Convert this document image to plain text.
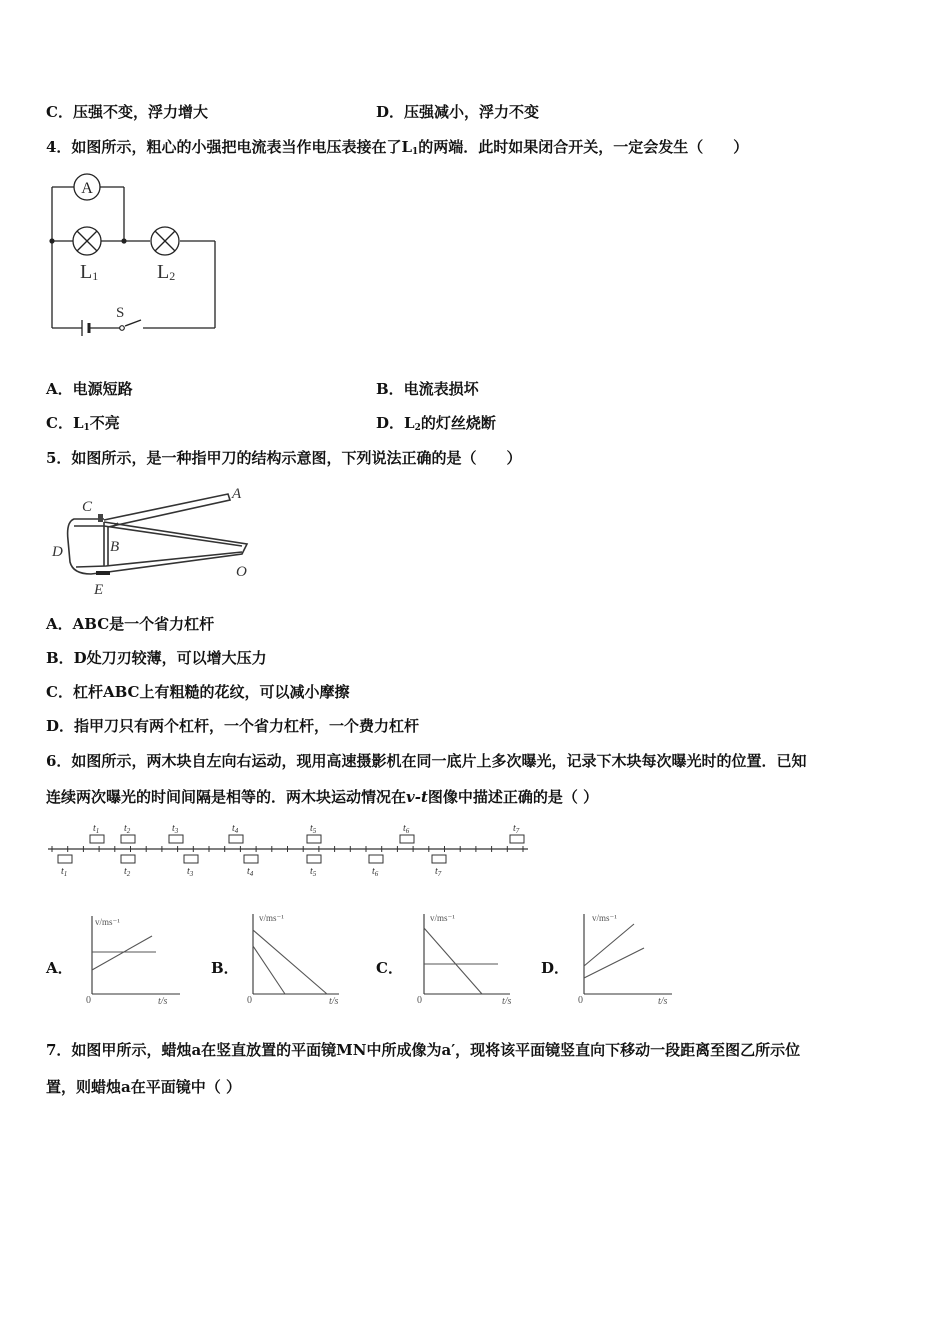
C．压强不变，浮力增大	D．压强减小，浮力不变
4．如图所示，粗心的小强把电流表当作电压表接在了$L_1$的两端．此时如果闭合开关，一定会发生（　　）
A
L1	L2
S
A．电源短路	B．电流表损坏
C．$L_1$不亮	D．$L_2$的灯丝烧断
5．如图所示，是一种指甲刀的结构示意图，下列说法正确的是（　　）
A
B
C
D
E
O
A．ABC是一个省力杠杆
B．D处刀刃较薄，可以增大压力
C．杠杆ABC上有粗糙的花纹，可以减小摩擦
D．指甲刀只有两个杠杆，一个省力杠杆，一个费力杠杆
6．如图所示，两木块自左向右运动，现用高速摄影机在同一底片上多次曝光，记录下木块每次曝光时的位置．已知
连续两次曝光的时间间隔是相等的．两木块运动情况在v-t图像中描述正确的是（ ）
$t_1$ $t_2$	$t_3$	$t_4$	$t_5$	$t_6$	$t_7$
$t_1$	$t_2$	$t_3$	$t_4$	$t_5$	$t_6$	$t_7$
A．	B．	C．	D．
v/ms⁻¹
0	t/s
v/ms⁻¹
0	t/s
v/ms⁻¹
0	t/s
v/ms⁻¹
0	t/s
7．如图甲所示，蜡烛a在竖直放置的平面镜MN中所成像为a′，现将该平面镜竖直向下移动一段距离至图乙所示位
置，则蜡烛a在平面镜中（ ）
